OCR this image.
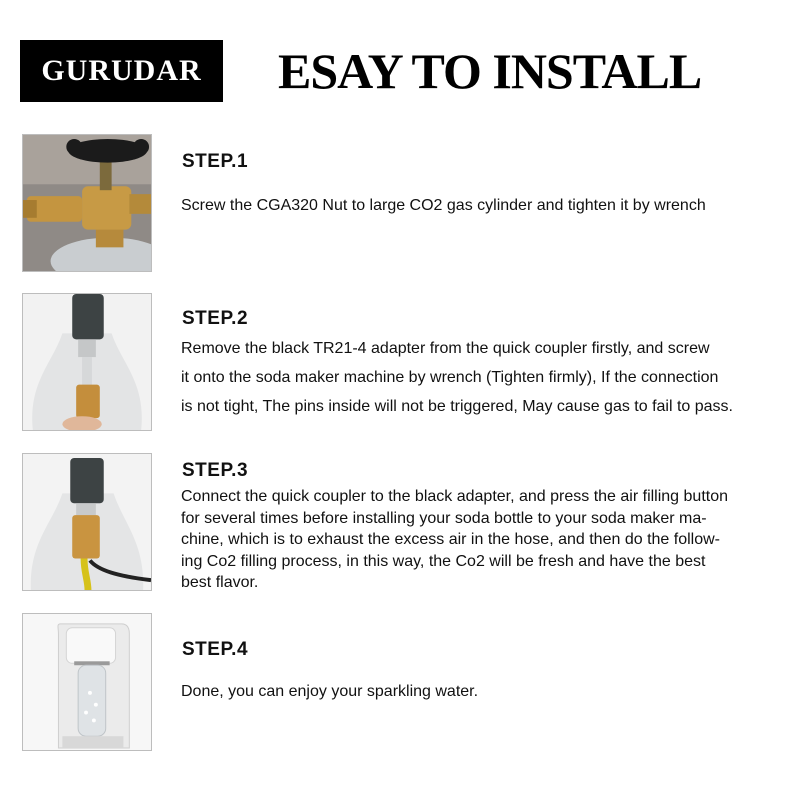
GURUDAR ESAY TO INSTALL
STEP.1
Screw the CGA320 Nut to large CO2 gas cylinder and tighten it by wrench
STEP.2
Remove the black TR21-4 adapter from the quick coupler firstly, and screw
it onto the soda maker machine by wrench (Tighten firmly), If the connection
is not tight, The pins inside will not be triggered, May cause gas to fail to pass.
STEP.3
Connect the quick coupler to the black adapter, and press the air filling button
for several times before installing your soda bottle to your soda maker ma-
chine, which is to exhaust the excess air in the hose, and then do the follow-
ing Co2 filling process, in this way, the Co2 will be fresh and have the best
best flavor.
STEP.4
Done, you can enjoy your sparkling water.
